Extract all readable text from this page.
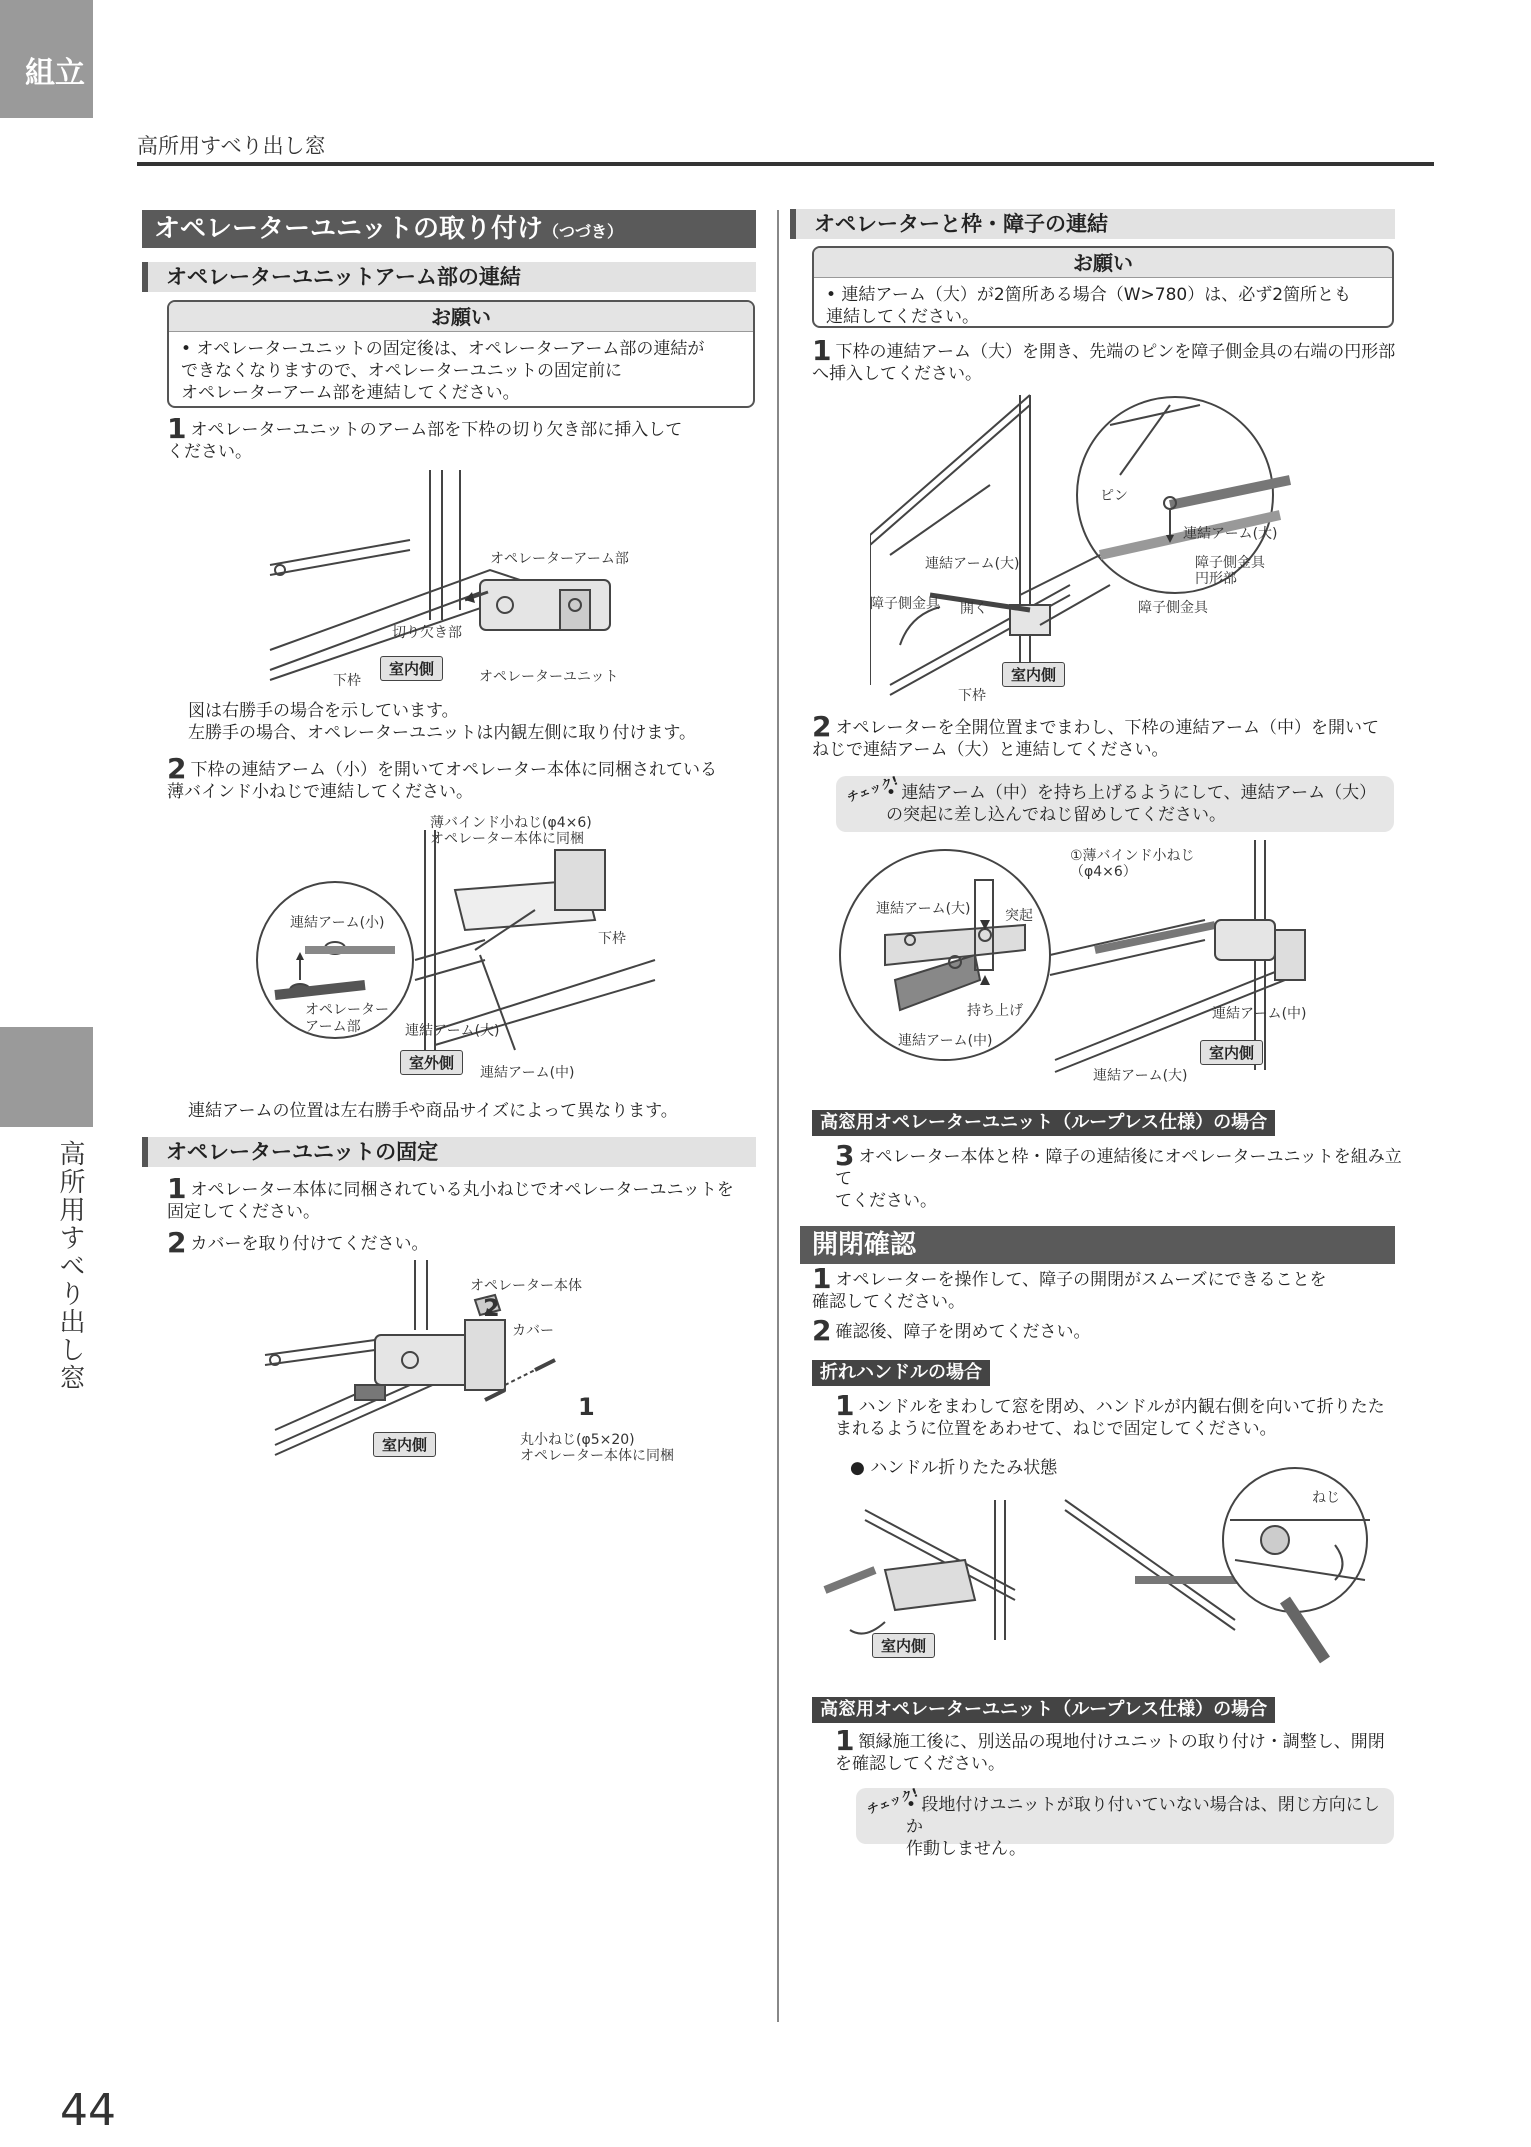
組立
高所用すべり出し窓
高所用すべり出し窓
オペレーターユニットの取り付け（つづき）
オペレーターユニットアーム部の連結
お願い
• オペレーターユニットの固定後は、オペレーターアーム部の連結が
できなくなりますので、オペレーターユニットの固定前に
オペレーターアーム部を連結してください。
1 オペレーターユニットのアーム部を下枠の切り欠き部に挿入して
ください。
オペレーターアーム部
切り欠き部
下枠
室内側	オペレーターユニット
図は右勝手の場合を示しています。
左勝手の場合、オペレーターユニットは内観左側に取り付けます。
2 下枠の連結アーム（小）を開いてオペレーター本体に同梱されている
薄バインド小ねじで連結してください。
薄バインド小ねじ(φ4×6)
オペレーター本体に同梱
連結アーム(小)
下枠
オペレーター
アーム部	連結アーム(大)
室外側
連結アーム(中)
連結アームの位置は左右勝手や商品サイズによって異なります。
オペレーターユニットの固定
1 オペレーター本体に同梱されている丸小ねじでオペレーターユニットを
固定してください。
2 カバーを取り付けてください。
オペレーター本体
2
カバー
1
室内側	丸小ねじ(φ5×20)
オペレーター本体に同梱
オペレーターと枠・障子の連結
お願い
• 連結アーム（大）が2箇所ある場合（W>780）は、必ず2箇所とも
連結してください。
1 下枠の連結アーム（大）を開き、先端のピンを障子側金具の右端の円形部
へ挿入してください。
ピン
連結アーム(大)
連結アーム(大)	障子側金具
円形部
障子側金具 開く	障子側金具
下枠
室内側
2 オペレーターを全開位置までまわし、下枠の連結アーム（中）を開いて
ねじで連結アーム（大）と連結してください。
チェック!
• 連結アーム（中）を持ち上げるようにして、連結アーム（大）
の突起に差し込んでねじ留めしてください。
①薄バインド小ねじ
（φ4×6）
連結アーム(大) 突起
持ち上げ
連結アーム(中)
連結アーム(中)
室内側
連結アーム(大)
高窓用オペレーターユニット（ループレス仕様）の場合
3 オペレーター本体と枠・障子の連結後にオペレーターユニットを組み立て
てください。
開閉確認
1 オペレーターを操作して、障子の開閉がスムーズにできることを
確認してください。
2 確認後、障子を閉めてください。
折れハンドルの場合
1 ハンドルをまわして窓を閉め、ハンドルが内観右側を向いて折りたた
まれるように位置をあわせて、ねじで固定してください。
● ハンドル折りたたみ状態
ねじ
室内側
高窓用オペレーターユニット（ループレス仕様）の場合
1 額縁施工後に、別送品の現地付けユニットの取り付け・調整し、開閉
を確認してください。
チェック!
• 段地付けユニットが取り付いていない場合は、閉じ方向にしか
作動しません。
44
